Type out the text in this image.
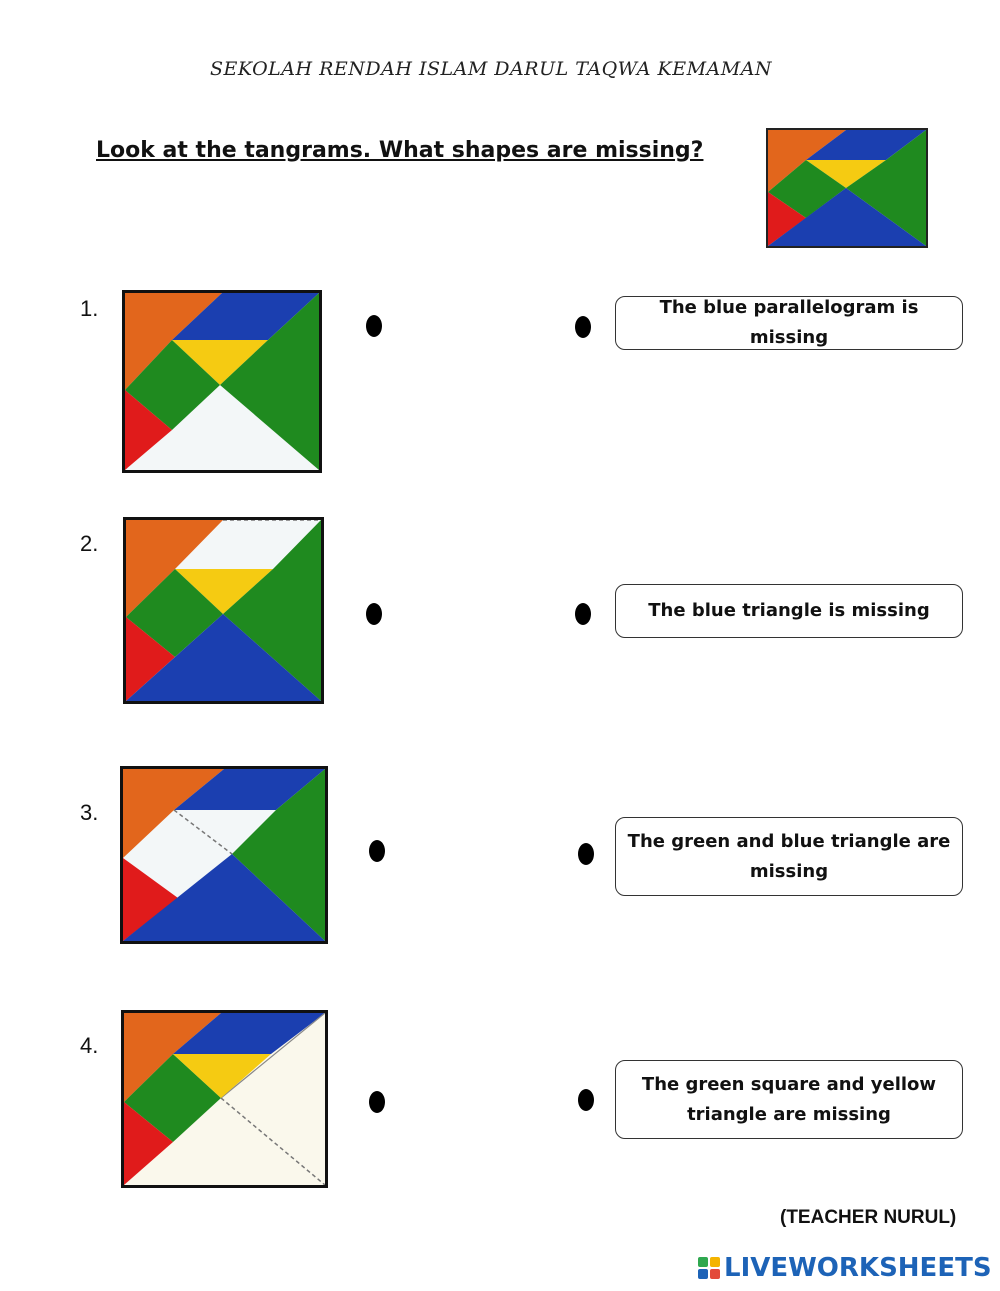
SEKOLAH RENDAH ISLAM DARUL TAQWA KEMAMAN
Look at the tangrams. What shapes are missing?
1.	The blue parallelogram is missing
2.
The blue triangle is missing
3.
The green and blue triangle are missing
4.
The green square and yellow triangle are missing
(TEACHER NURUL)
LIVEWORKSHEETS
